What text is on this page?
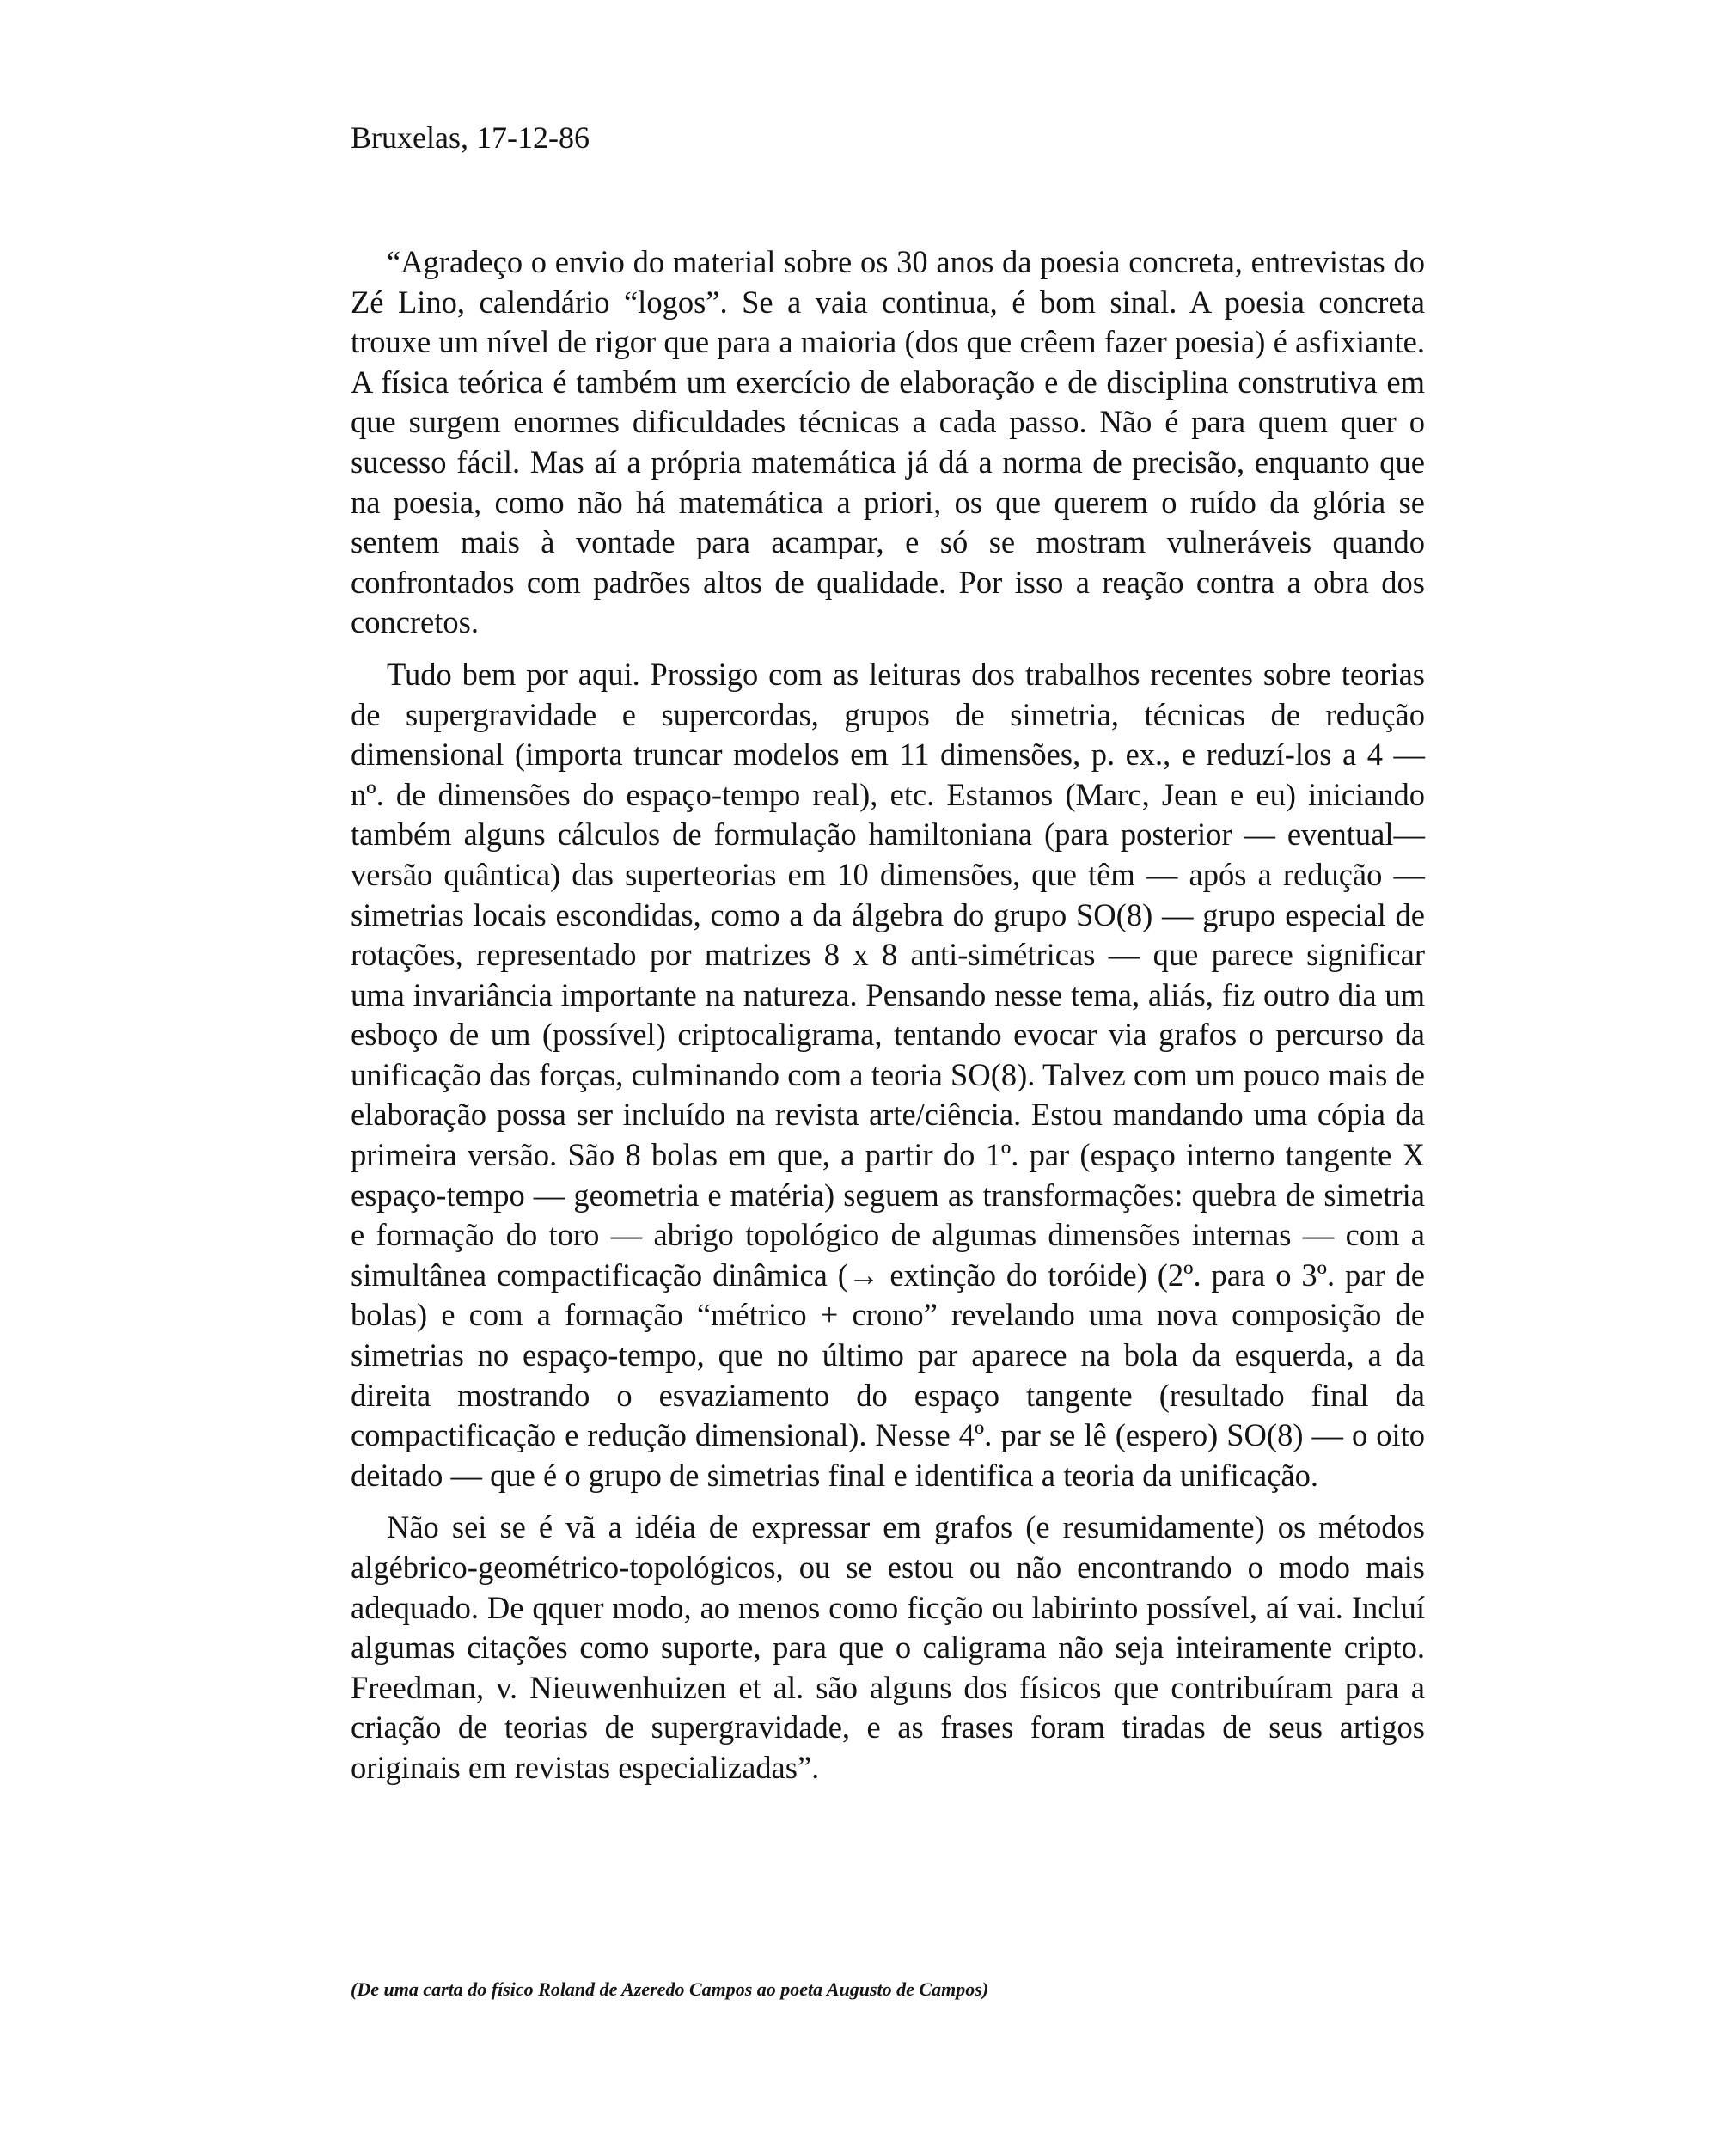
Bruxelas, 17-12-86

“Agradeço o envio do material sobre os 30 anos da poesia concreta, entrevistas do Zé Lino, calendário “logos”. Se a vaia continua, é bom sinal. A poesia concreta trouxe um nível de rigor que para a maioria (dos que crêem fazer poesia) é asfixiante. A física teórica é também um exercício de elaboração e de disciplina construtiva em que surgem enormes dificuldades técnicas a cada passo. Não é para quem quer o sucesso fácil. Mas aí a própria matemática já dá a norma de precisão, enquanto que na poesia, como não há matemática a priori, os que querem o ruído da glória se sentem mais à vontade para acampar, e só se mostram vulneráveis quando confrontados com padrões altos de qualidade. Por isso a reação contra a obra dos concretos.

Tudo bem por aqui. Prossigo com as leituras dos trabalhos recentes sobre teorias de supergravidade e supercordas, grupos de simetria, técnicas de redução dimensional (importa truncar modelos em 11 dimensões, p. ex., e reduzí-los a 4 — nº. de dimensões do espaço-tempo real), etc. Estamos (Marc, Jean e eu) iniciando também alguns cálculos de formulação hamiltoniana (para posterior — eventual— versão quântica) das superteorias em 10 dimensões, que têm — após a redução — simetrias locais escondidas, como a da álgebra do grupo SO(8) — grupo especial de rotações, representado por matrizes 8 x 8 anti-simétricas — que parece significar uma invariância importante na natureza. Pensando nesse tema, aliás, fiz outro dia um esboço de um (possível) criptocaligrama, tentando evocar via grafos o percurso da unificação das forças, culminando com a teoria SO(8). Talvez com um pouco mais de elaboração possa ser incluído na revista arte/ciência. Estou mandando uma cópia da primeira versão. São 8 bolas em que, a partir do 1º. par (espaço interno tangente X espaço-tempo — geometria e matéria) seguem as transformações: quebra de simetria e formação do toro — abrigo topológico de algumas dimensões internas — com a simultânea compactificação dinâmica (→ extinção do toróide) (2º. para o 3º. par de bolas) e com a formação “métrico + crono” revelando uma nova composição de simetrias no espaço-tempo, que no último par aparece na bola da esquerda, a da direita mostrando o esvaziamento do espaço tangente (resultado final da compactificação e redução dimensional). Nesse 4º. par se lê (espero) SO(8) — o oito deitado — que é o grupo de simetrias final e identifica a teoria da unificação.

Não sei se é vã a idéia de expressar em grafos (e resumidamente) os métodos algébrico-geométrico-topológicos, ou se estou ou não encontrando o modo mais adequado. De qquer modo, ao menos como ficção ou labirinto possível, aí vai. Incluí algumas citações como suporte, para que o caligrama não seja inteiramente cripto. Freedman, v. Nieuwenhuizen et al. são alguns dos físicos que contribuíram para a criação de teorias de supergravidade, e as frases foram tiradas de seus artigos originais em revistas especializadas”.

(De uma carta do físico Roland de Azeredo Campos ao poeta Augusto de Campos)
